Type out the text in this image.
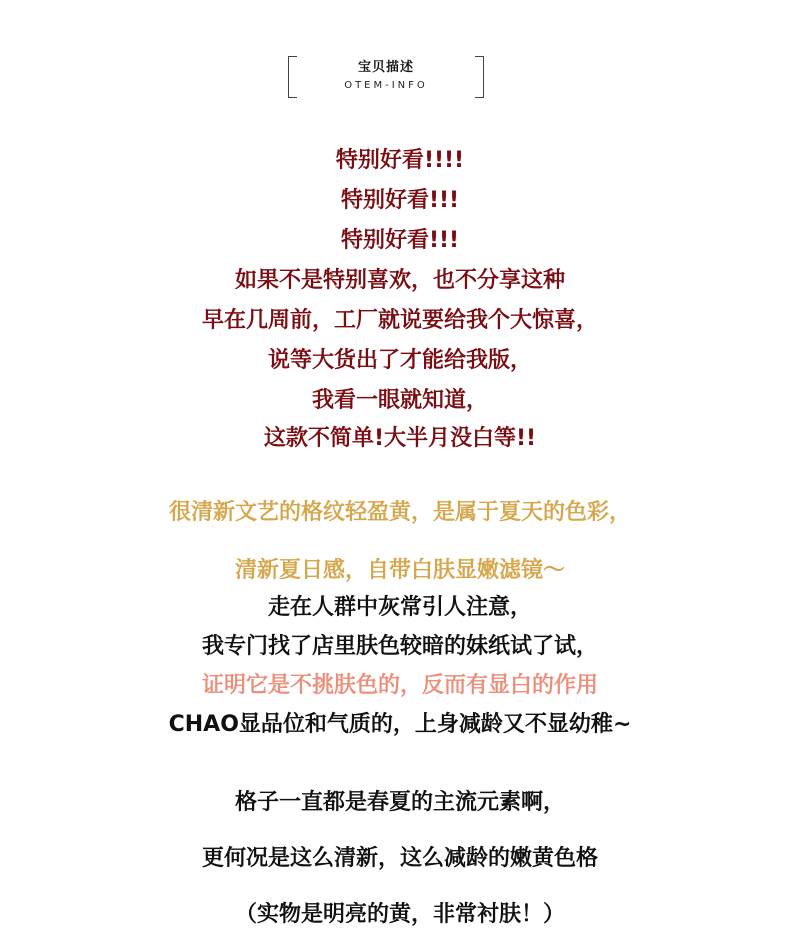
宝贝描述
OTEM-INFO
特别好看!!!!
特别好看!!!
特别好看!!!
如果不是特别喜欢，也不分享这种
早在几周前，工厂就说要给我个大惊喜，
说等大货出了才能给我版，
我看一眼就知道，
这款不简单!大半月没白等!!
很清新文艺的格纹轻盈黄，是属于夏天的色彩，
清新夏日感，自带白肤显嫩滤镜～
走在人群中灰常引人注意，
我专门找了店里肤色较暗的妹纸试了试，
证明它是不挑肤色的，反而有显白的作用
CHAO显品位和气质的，上身减龄又不显幼稚~
格子一直都是春夏的主流元素啊，
更何况是这么清新，这么减龄的嫩黄色格
（实物是明亮的黄，非常衬肤！）
